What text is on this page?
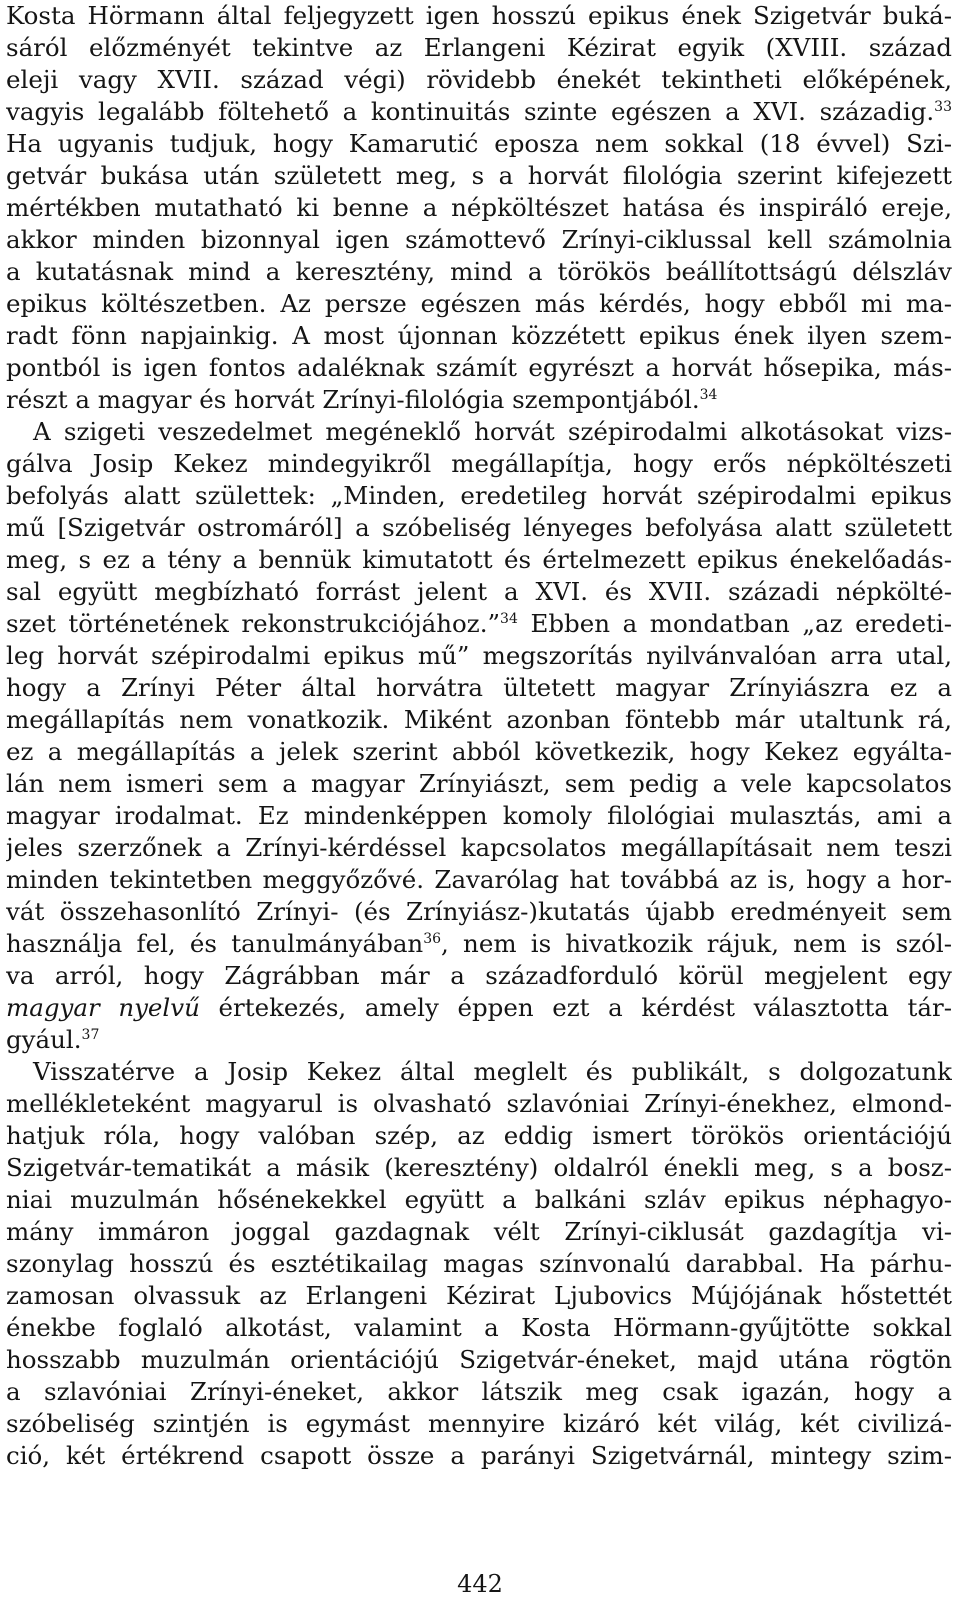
Kosta Hörmann által feljegyzett igen hosszú epikus ének Szigetvár buká-
sáról előzményét tekintve az Erlangeni Kézirat egyik (XVIII. század
eleji vagy XVII. század végi) rövidebb énekét tekintheti előképének,
vagyis legalább föltehető a kontinuitás szinte egészen a XVI. századig.$^{33}$
Ha ugyanis tudjuk, hogy Kamarutić eposza nem sokkal (18 évvel) Szi-
getvár bukása után született meg, s a horvát filológia szerint kifejezett
mértékben mutatható ki benne a népköltészet hatása és inspiráló ereje,
akkor minden bizonnyal igen számottevő Zrínyi-ciklussal kell számolnia
a kutatásnak mind a keresztény, mind a törökös beállítottságú délszláv
epikus költészetben. Az persze egészen más kérdés, hogy ebből mi ma-
radt fönn napjainkig. A most újonnan közzétett epikus ének ilyen szem-
pontból is igen fontos adaléknak számít egyrészt a horvát hősepika, más-
részt a magyar és horvát Zrínyi-filológia szempontjából.$^{34}$
A szigeti veszedelmet megéneklő horvát szépirodalmi alkotásokat vizs-
gálva Josip Kekez mindegyikről megállapítja, hogy erős népköltészeti
befolyás alatt születtek: „Minden, eredetileg horvát szépirodalmi epikus
mű [Szigetvár ostromáról] a szóbeliség lényeges befolyása alatt született
meg, s ez a tény a bennük kimutatott és értelmezett epikus énekelőadás-
sal együtt megbízható forrást jelent a XVI. és XVII. századi népkölté-
szet történetének rekonstrukciójához.”$^{34}$ Ebben a mondatban „az eredeti-
leg horvát szépirodalmi epikus mű” megszorítás nyilvánvalóan arra utal,
hogy a Zrínyi Péter által horvátra ültetett magyar Zrínyiászra ez a
megállapítás nem vonatkozik. Miként azonban föntebb már utaltunk rá,
ez a megállapítás a jelek szerint abból következik, hogy Kekez egyálta-
lán nem ismeri sem a magyar Zrínyiászt, sem pedig a vele kapcsolatos
magyar irodalmat. Ez mindenképpen komoly filológiai mulasztás, ami a
jeles szerzőnek a Zrínyi-kérdéssel kapcsolatos megállapításait nem teszi
minden tekintetben meggyőzővé. Zavarólag hat továbbá az is, hogy a hor-
vát összehasonlító Zrínyi- (és Zrínyiász-)kutatás újabb eredményeit sem
használja fel, és tanulmányában$^{36}$, nem is hivatkozik rájuk, nem is szól-
va arról, hogy Zágrábban már a századforduló körül megjelent egy
magyar nyelvű értekezés, amely éppen ezt a kérdést választotta tár-
gyául.$^{37}$
Visszatérve a Josip Kekez által meglelt és publikált, s dolgozatunk
mellékleteként magyarul is olvasható szlavóniai Zrínyi-énekhez, elmond-
hatjuk róla, hogy valóban szép, az eddig ismert törökös orientációjú
Szigetvár-tematikát a másik (keresztény) oldalról énekli meg, s a bosz-
niai muzulmán hősénekekkel együtt a balkáni szláv epikus néphagyo-
mány immáron joggal gazdagnak vélt Zrínyi-ciklusát gazdagítja vi-
szonylag hosszú és esztétikailag magas színvonalú darabbal. Ha párhu-
zamosan olvassuk az Erlangeni Kézirat Ljubovics Mújójának hőstettét
énekbe foglaló alkotást, valamint a Kosta Hörmann-gyűjtötte sokkal
hosszabb muzulmán orientációjú Szigetvár-éneket, majd utána rögtön
a szlavóniai Zrínyi-éneket, akkor látszik meg csak igazán, hogy a
szóbeliség szintjén is egymást mennyire kizáró két világ, két civilizá-
ció, két értékrend csapott össze a parányi Szigetvárnál, mintegy szim-
442
